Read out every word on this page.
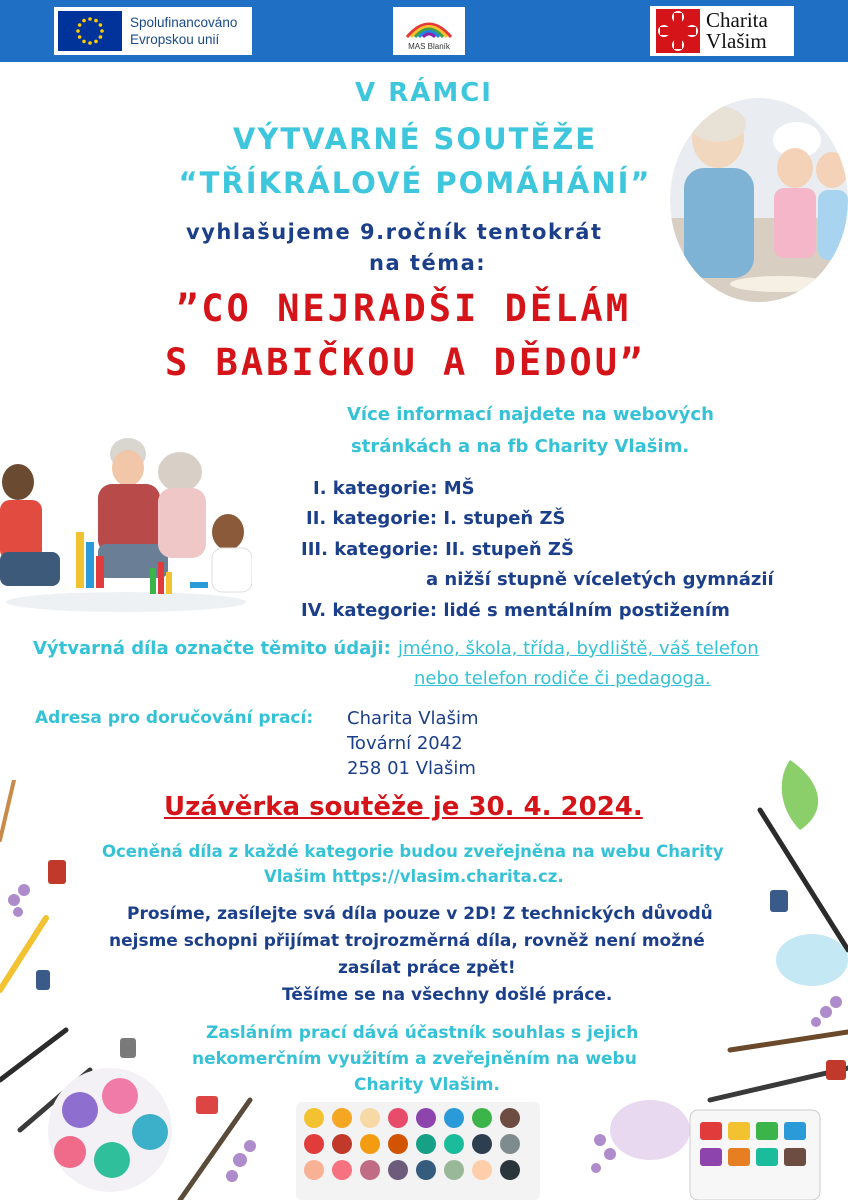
Spolufinancováno
Evropskou unií	MAS Blaník
Charita
Vlašim
V RÁMCI
VÝTVARNÉ SOUTĚŽE
“TŘÍKRÁLOVÉ POMÁHÁNÍ”
vyhlašujeme 9.ročník tentokrát
na téma:
”CO NEJRADŠI DĚLÁM
S BABIČKOU A DĚDOU”
Více informací najdete na webových
stránkách a na fb Charity Vlašim.
I. kategorie: MŠ
II. kategorie: I. stupeň ZŠ
III. kategorie: II. stupeň ZŠ
a nižší stupně víceletých gymnázií
IV. kategorie: lidé s mentálním postižením
Výtvarná díla označte těmito údaji: jméno, škola, třída, bydliště, váš telefon
nebo telefon rodiče či pedagoga.
Adresa pro doručování prací: Charita Vlašim
Tovární 2042
258 01 Vlašim
Uzávěrka soutěže je 30. 4. 2024.
Oceněná díla z každé kategorie budou zveřejněna na webu Charity
Vlašim https://vlasim.charita.cz.
Prosíme, zasílejte svá díla pouze v 2D! Z technických důvodů
nejsme schopni přijímat trojrozměrná díla, rovněž není možné
zasílat práce zpět!
Těšíme se na všechny došlé práce.
Zasláním prací dává účastník souhlas s jejich
nekomerčním využitím a zveřejněním na webu
Charity Vlašim.
